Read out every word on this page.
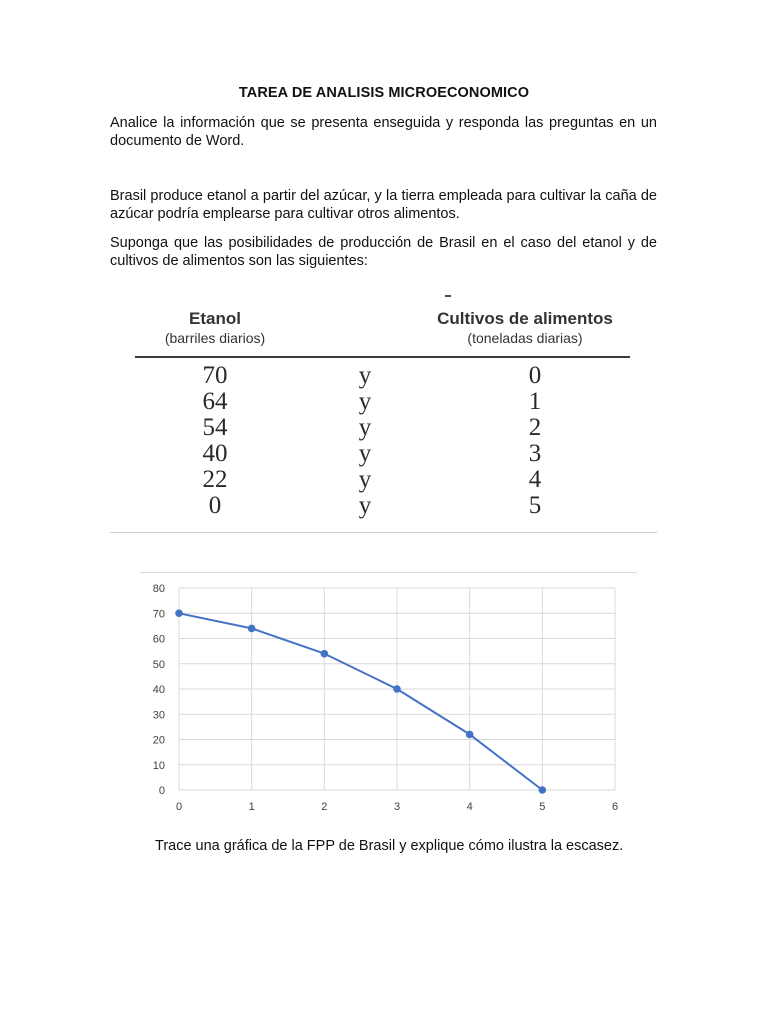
TAREA DE ANALISIS MICROECONOMICO
Analice la información que se presenta enseguida y responda las preguntas en un documento de Word.
Brasil produce etanol a partir del azúcar, y la tierra empleada para cultivar la caña de azúcar podría emplearse para cultivar otros alimentos.
Suponga que las posibilidades de producción de Brasil en el caso del etanol y de cultivos de alimentos son las siguientes:
Etanol
(barriles diarios)
Cultivos de alimentos
(toneladas diarias)
70	y	0
64	y	1
54	y	2
40	y	3
22	y	4
0	y	5
0
10
20
30
40
50
60
70
80
0	1	2	3	4	5	6
Trace una gráfica de la FPP de Brasil y explique cómo ilustra la escasez.
